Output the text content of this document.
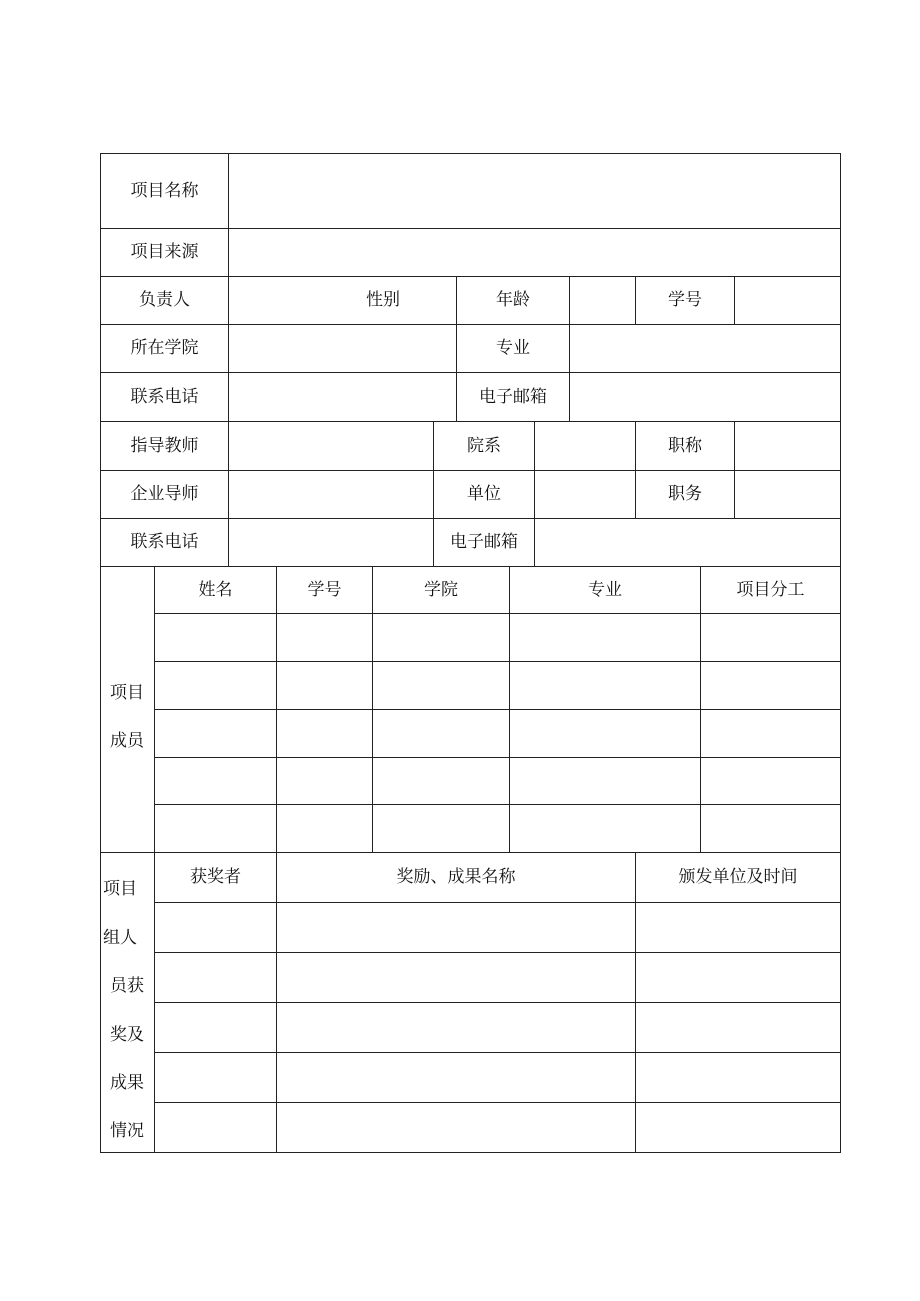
项目名称
项目来源
负责人	性别	年龄	学号
所在学院	专业
联系电话	电子邮箱
指导教师	院系	职称
企业导师	单位	职务
联系电话	电子邮箱
项目
成员
姓名	学号	学院	专业	项目分工
项目
组人
员获
奖及
成果
情况
获奖者	奖励、成果名称	颁发单位及时间
